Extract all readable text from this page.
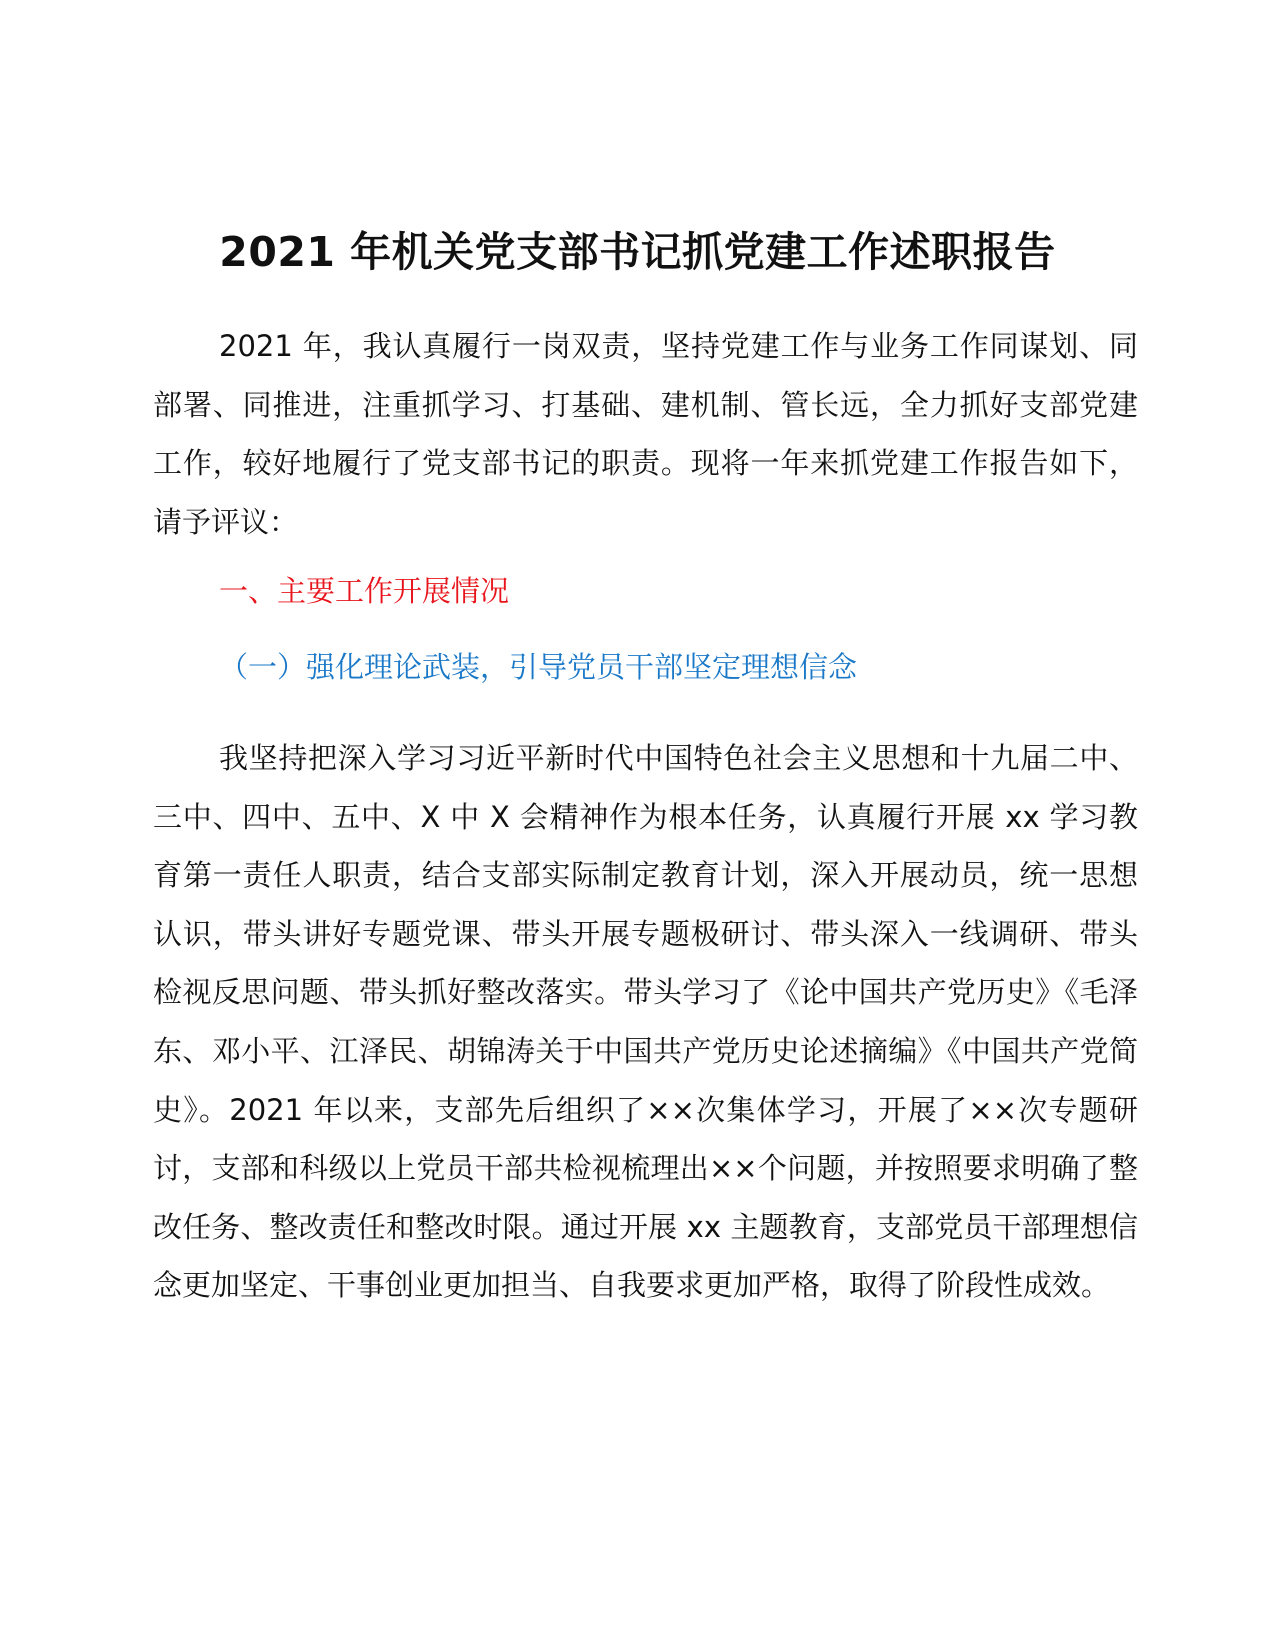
2021 年机关党支部书记抓党建工作述职报告

2021 年，我认真履行一岗双责，坚持党建工作与业务工作同谋划、同部署、同推进，注重抓学习、打基础、建机制、管长远，全力抓好支部党建工作，较好地履行了党支部书记的职责。现将一年来抓党建工作报告如下，请予评议：

一、主要工作开展情况
（一）强化理论武装，引导党员干部坚定理想信念

我坚持把深入学习习近平新时代中国特色社会主义思想和十九届二中、三中、四中、五中、X 中 X 会精神作为根本任务，认真履行开展 xx 学习教育第一责任人职责，结合支部实际制定教育计划，深入开展动员，统一思想认识，带头讲好专题党课、带头开展专题极研讨、带头深入一线调研、带头检视反思问题、带头抓好整改落实。带头学习了《论中国共产党历史》《毛泽东、邓小平、江泽民、胡锦涛关于中国共产党历史论述摘编》《中国共产党简史》。2021 年以来，支部先后组织了××次集体学习，开展了××次专题研讨，支部和科级以上党员干部共检视梳理出××个问题，并按照要求明确了整改任务、整改责任和整改时限。通过开展 xx 主题教育，支部党员干部理想信念更加坚定、干事创业更加担当、自我要求更加严格，取得了阶段性成效。
